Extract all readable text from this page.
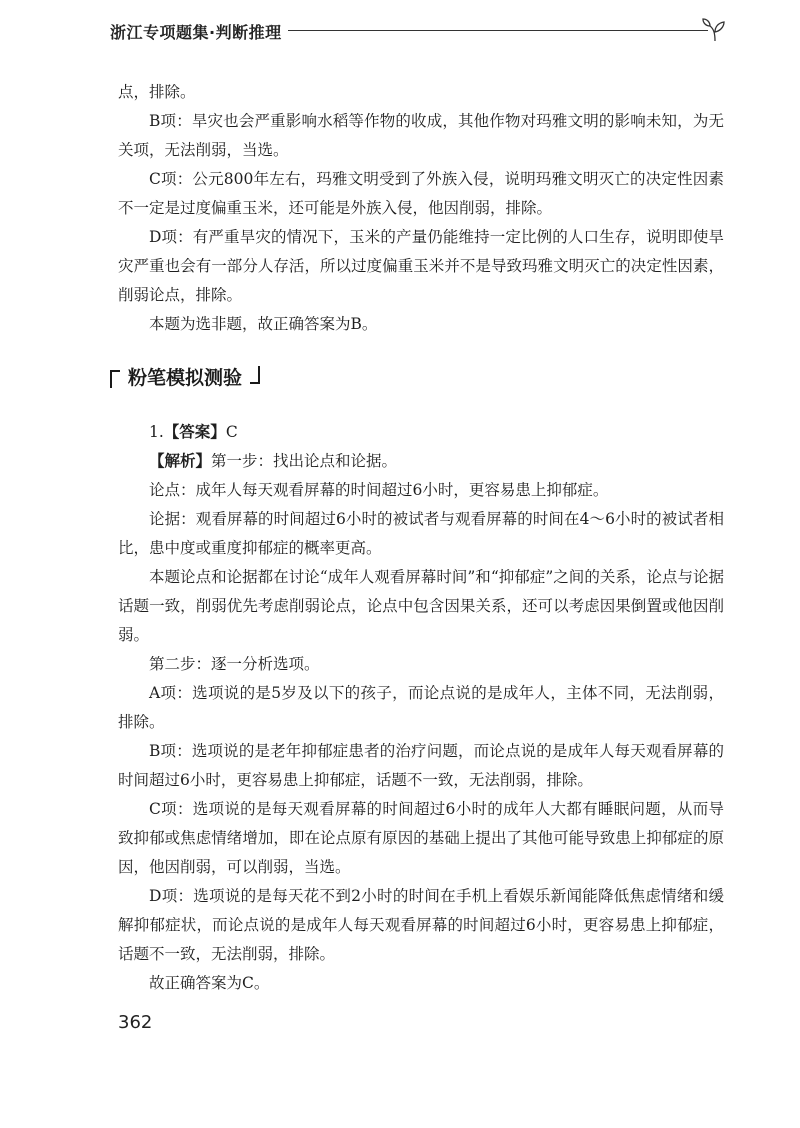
浙江专项题集·判断推理

点，排除。

B项：旱灾也会严重影响水稻等作物的收成，其他作物对玛雅文明的影响未知，为无关项，无法削弱，当选。

C项：公元800年左右，玛雅文明受到了外族入侵，说明玛雅文明灭亡的决定性因素不一定是过度偏重玉米，还可能是外族入侵，他因削弱，排除。

D项：有严重旱灾的情况下，玉米的产量仍能维持一定比例的人口生存，说明即使旱灾严重也会有一部分人存活，所以过度偏重玉米并不是导致玛雅文明灭亡的决定性因素，削弱论点，排除。

本题为选非题，故正确答案为B。

粉笔模拟测验

1.【答案】C

【解析】第一步：找出论点和论据。

论点：成年人每天观看屏幕的时间超过6小时，更容易患上抑郁症。

论据：观看屏幕的时间超过6小时的被试者与观看屏幕的时间在4～6小时的被试者相比，患中度或重度抑郁症的概率更高。

本题论点和论据都在讨论“成年人观看屏幕时间”和“抑郁症”之间的关系，论点与论据话题一致，削弱优先考虑削弱论点，论点中包含因果关系，还可以考虑因果倒置或他因削弱。

第二步：逐一分析选项。

A项：选项说的是5岁及以下的孩子，而论点说的是成年人，主体不同，无法削弱，排除。

B项：选项说的是老年抑郁症患者的治疗问题，而论点说的是成年人每天观看屏幕的时间超过6小时，更容易患上抑郁症，话题不一致，无法削弱，排除。

C项：选项说的是每天观看屏幕的时间超过6小时的成年人大都有睡眠问题，从而导致抑郁或焦虑情绪增加，即在论点原有原因的基础上提出了其他可能导致患上抑郁症的原因，他因削弱，可以削弱，当选。

D项：选项说的是每天花不到2小时的时间在手机上看娱乐新闻能降低焦虑情绪和缓解抑郁症状，而论点说的是成年人每天观看屏幕的时间超过6小时，更容易患上抑郁症，话题不一致，无法削弱，排除。

故正确答案为C。

362
